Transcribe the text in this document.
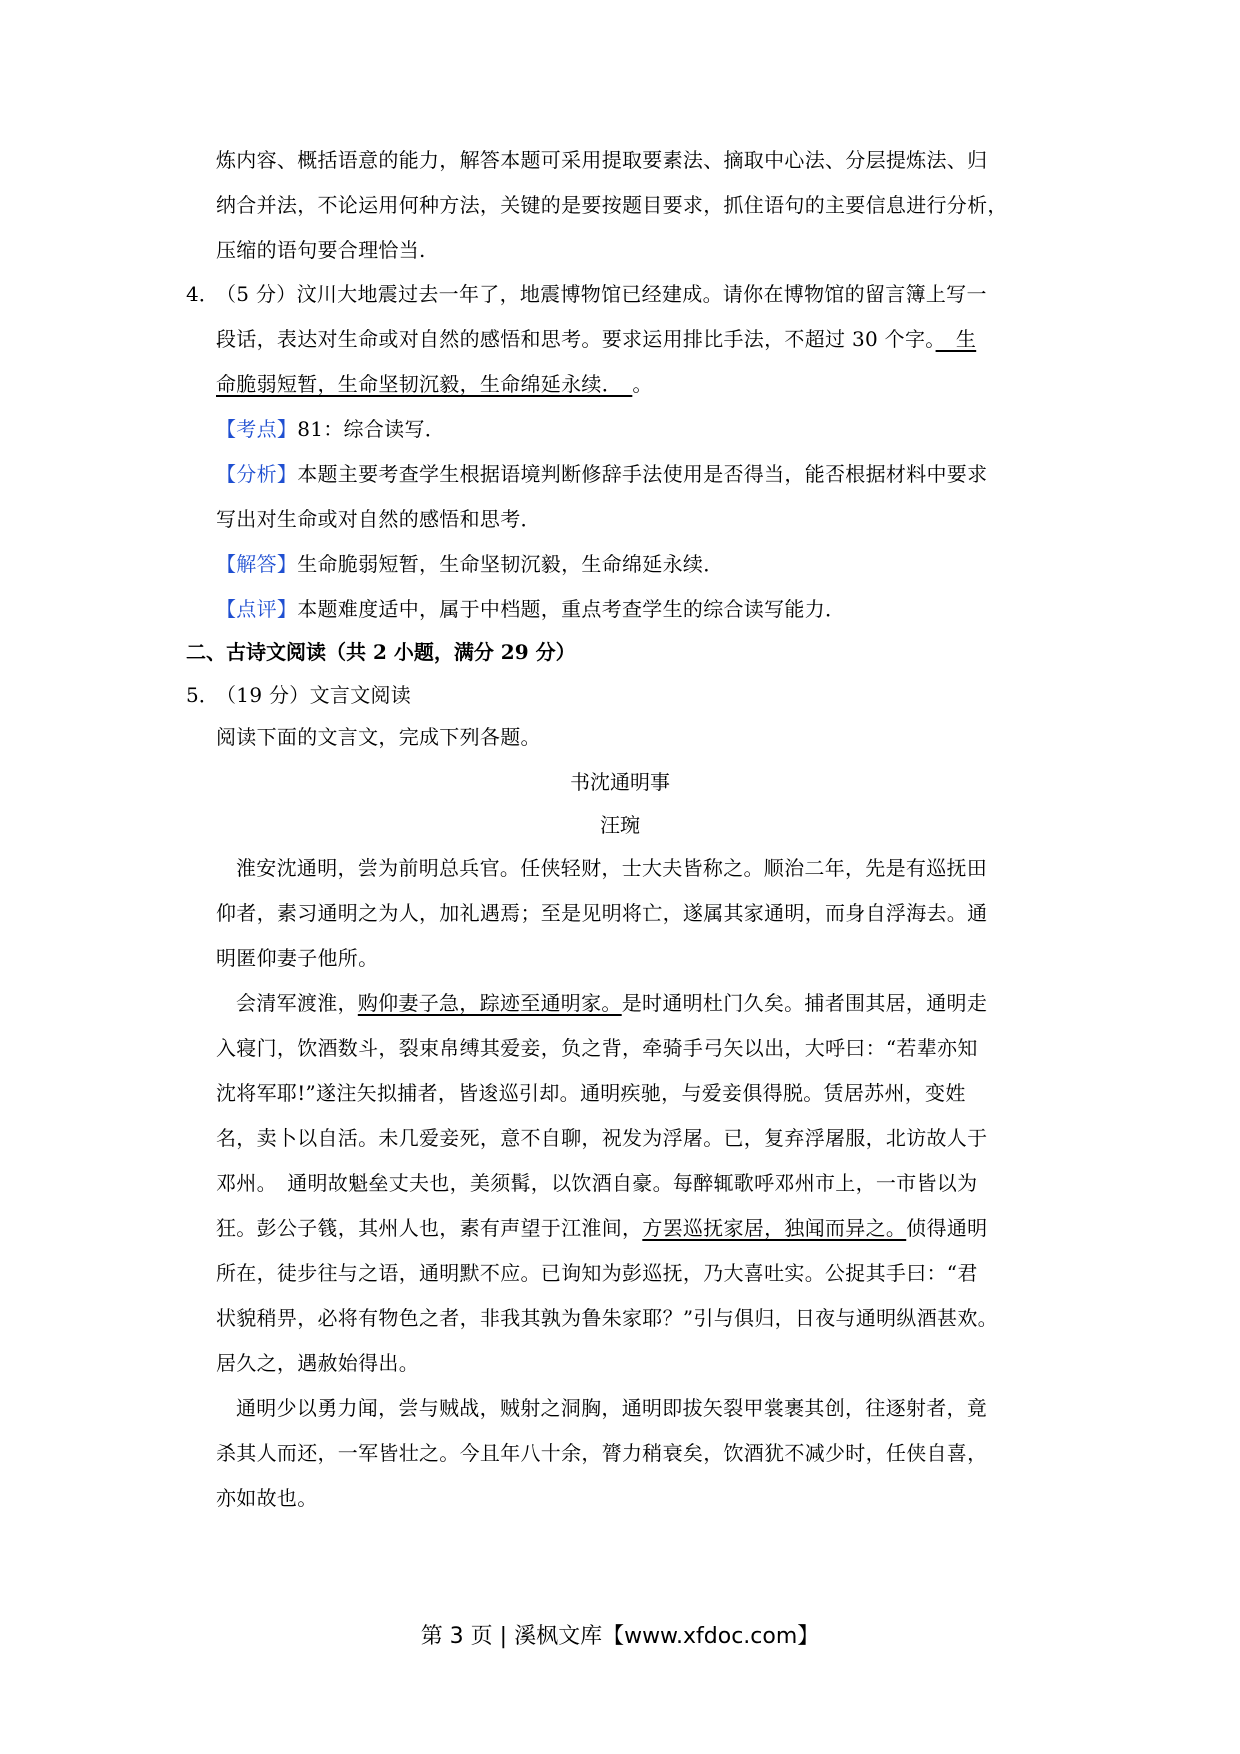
炼内容、概括语意的能力，解答本题可采用提取要素法、摘取中心法、分层提炼法、归
纳合并法，不论运用何种方法，关键的是要按题目要求，抓住语句的主要信息进行分析，
压缩的语句要合理恰当.
4．
（5 分）汶川大地震过去一年了，地震博物馆已经建成。请你在博物馆的留言簿上写一
段话，表达对生命或对自然的感悟和思考。要求运用排比手法，不超过 30 个字。　生
命脆弱短暂，生命坚韧沉毅，生命绵延永续．　。
【考点】81：综合读写．
【分析】本题主要考查学生根据语境判断修辞手法使用是否得当，能否根据材料中要求
写出对生命或对自然的感悟和思考．
【解答】生命脆弱短暂，生命坚韧沉毅，生命绵延永续．
【点评】本题难度适中，属于中档题，重点考查学生的综合读写能力．
二、古诗文阅读（共 2 小题，满分 29 分）
5．
（19 分）文言文阅读
阅读下面的文言文，完成下列各题。
书沈通明事
汪琬
淮安沈通明，尝为前明总兵官。任侠轻财，士大夫皆称之。顺治二年，先是有巡抚田
仰者，素习通明之为人，加礼遇焉；至是见明将亡，遂属其家通明，而身自浮海去。通
明匿仰妻子他所。
会清军渡淮，购仰妻子急，踪迹至通明家。是时通明杜门久矣。捕者围其居，通明走
入寝门，饮酒数斗，裂束帛缚其爱妾，负之背，牵骑手弓矢以出，大呼曰：“若辈亦知
沈将军耶!”遂注矢拟捕者，皆逡巡引却。通明疾驰，与爱妾俱得脱。赁居苏州，变姓
名，卖卜以自活。未几爱妾死，意不自聊，祝发为浮屠。已，复弃浮屠服，北访故人于
邓州。　通明故魁垒丈夫也，美须髯，以饮酒自豪。每醉辄歌呼邓州市上，一市皆以为
狂。彭公子篯，其州人也，素有声望于江淮间，方罢巡抚家居，独闻而异之。侦得通明
所在，徒步往与之语，通明默不应。已询知为彭巡抚，乃大喜吐实。公捉其手曰：“君
状貌稍畀，必将有物色之者，非我其孰为鲁朱家耶？”引与俱归，日夜与通明纵酒甚欢。
居久之，遇赦始得出。
通明少以勇力闻，尝与贼战，贼射之洞胸，通明即拔矢裂甲裳裹其创，往逐射者，竟
杀其人而还，一军皆壮之。今且年八十余，膂力稍衰矣，饮酒犹不减少时，任侠自喜，
亦如故也。
第 3 页 | 溪枫文库【www.xfdoc.com】
